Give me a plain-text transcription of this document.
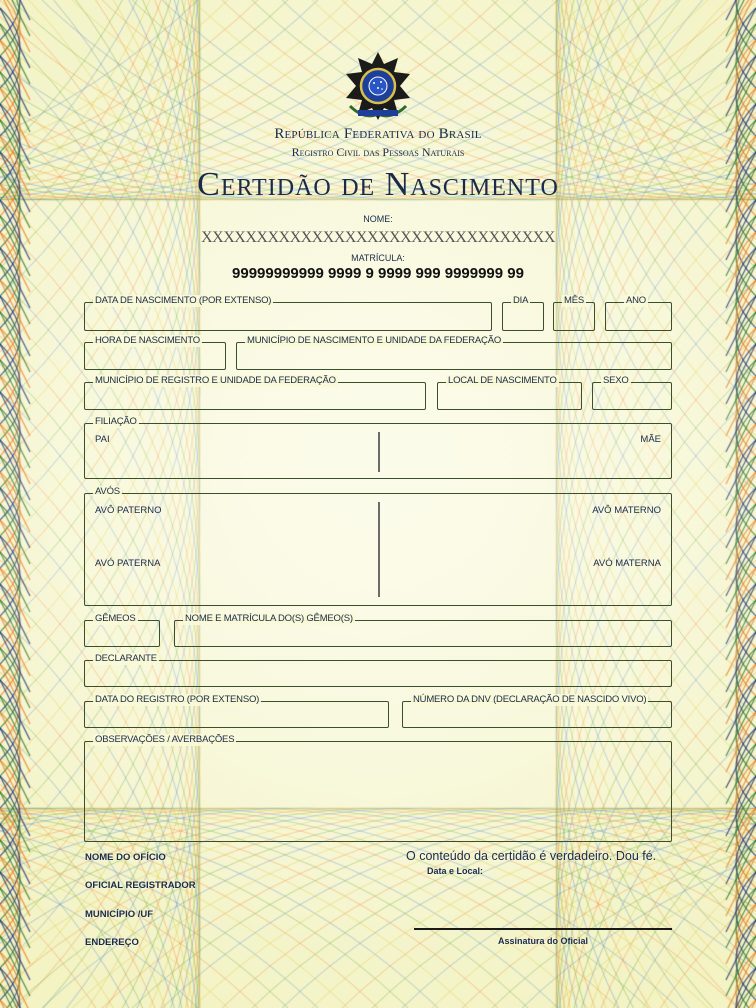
República Federativa do Brasil
Registro Civil das Pessoas Naturais
Certidão de Nascimento
NOME:
XXXXXXXXXXXXXXXXXXXXXXXXXXXXXXXX
MATRÍCULA:
99999999999 9999 9 9999 999 9999999 99
DATA DE NASCIMENTO (POR EXTENSO)	DIA	MÊS	ANO
HORA DE NASCIMENTO	MUNICÍPIO DE NASCIMENTO E UNIDADE DA FEDERAÇÃO
MUNICÍPIO DE REGISTRO E UNIDADE DA FEDERAÇÃO	LOCAL DE NASCIMENTO	SEXO
FILIAÇÃO
PAI	MÃE
AVÓS
AVÔ PATERNO	AVÔ MATERNO
AVÓ PATERNA	AVÓ MATERNA
GÊMEOS	NOME E MATRÍCULA DO(S) GÊMEO(S)
DECLARANTE
DATA DO REGISTRO (POR EXTENSO)	NÚMERO DA DNV (DECLARAÇÃO DE NASCIDO VIVO)
OBSERVAÇÕES / AVERBAÇÕES
NOME DO OFÍCIO
OFICIAL REGISTRADOR
MUNICÍPIO /UF
ENDEREÇO
O conteúdo da certidão é verdadeiro. Dou fé.
Data e Local:
Assinatura do Oficial
